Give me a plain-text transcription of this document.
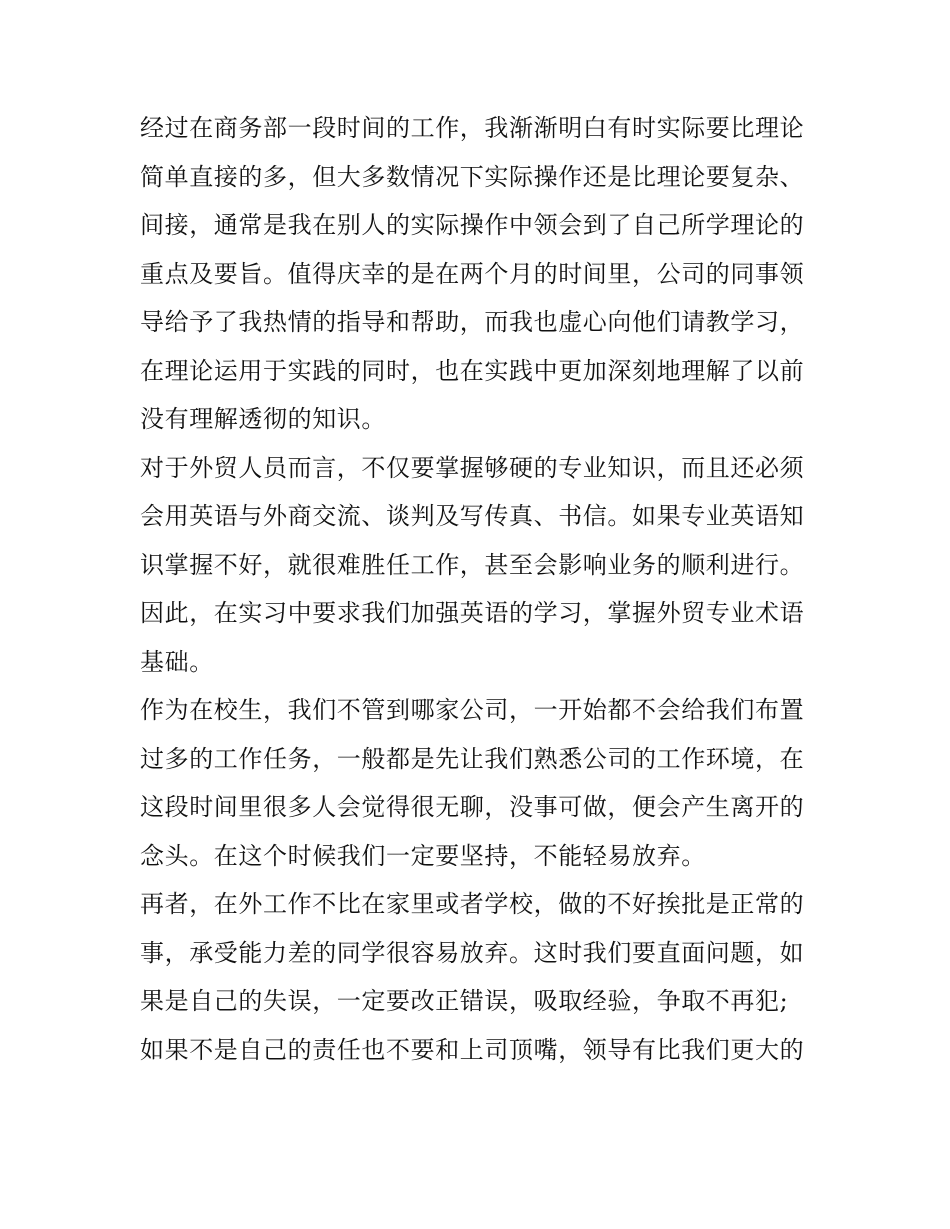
经过在商务部一段时间的工作，我渐渐明白有时实际要比理论
简单直接的多，但大多数情况下实际操作还是比理论要复杂、
间接，通常是我在别人的实际操作中领会到了自己所学理论的
重点及要旨。值得庆幸的是在两个月的时间里，公司的同事领
导给予了我热情的指导和帮助，而我也虚心向他们请教学习，
在理论运用于实践的同时，也在实践中更加深刻地理解了以前
没有理解透彻的知识。
对于外贸人员而言，不仅要掌握够硬的专业知识，而且还必须
会用英语与外商交流、谈判及写传真、书信。如果专业英语知
识掌握不好，就很难胜任工作，甚至会影响业务的顺利进行。
因此，在实习中要求我们加强英语的学习，掌握外贸专业术语
基础。
作为在校生，我们不管到哪家公司，一开始都不会给我们布置
过多的工作任务，一般都是先让我们熟悉公司的工作环境，在
这段时间里很多人会觉得很无聊，没事可做，便会产生离开的
念头。在这个时候我们一定要坚持，不能轻易放弃。
再者，在外工作不比在家里或者学校，做的不好挨批是正常的
事，承受能力差的同学很容易放弃。这时我们要直面问题，如
果是自己的失误，一定要改正错误，吸取经验，争取不再犯;
如果不是自己的责任也不要和上司顶嘴，领导有比我们更大的
